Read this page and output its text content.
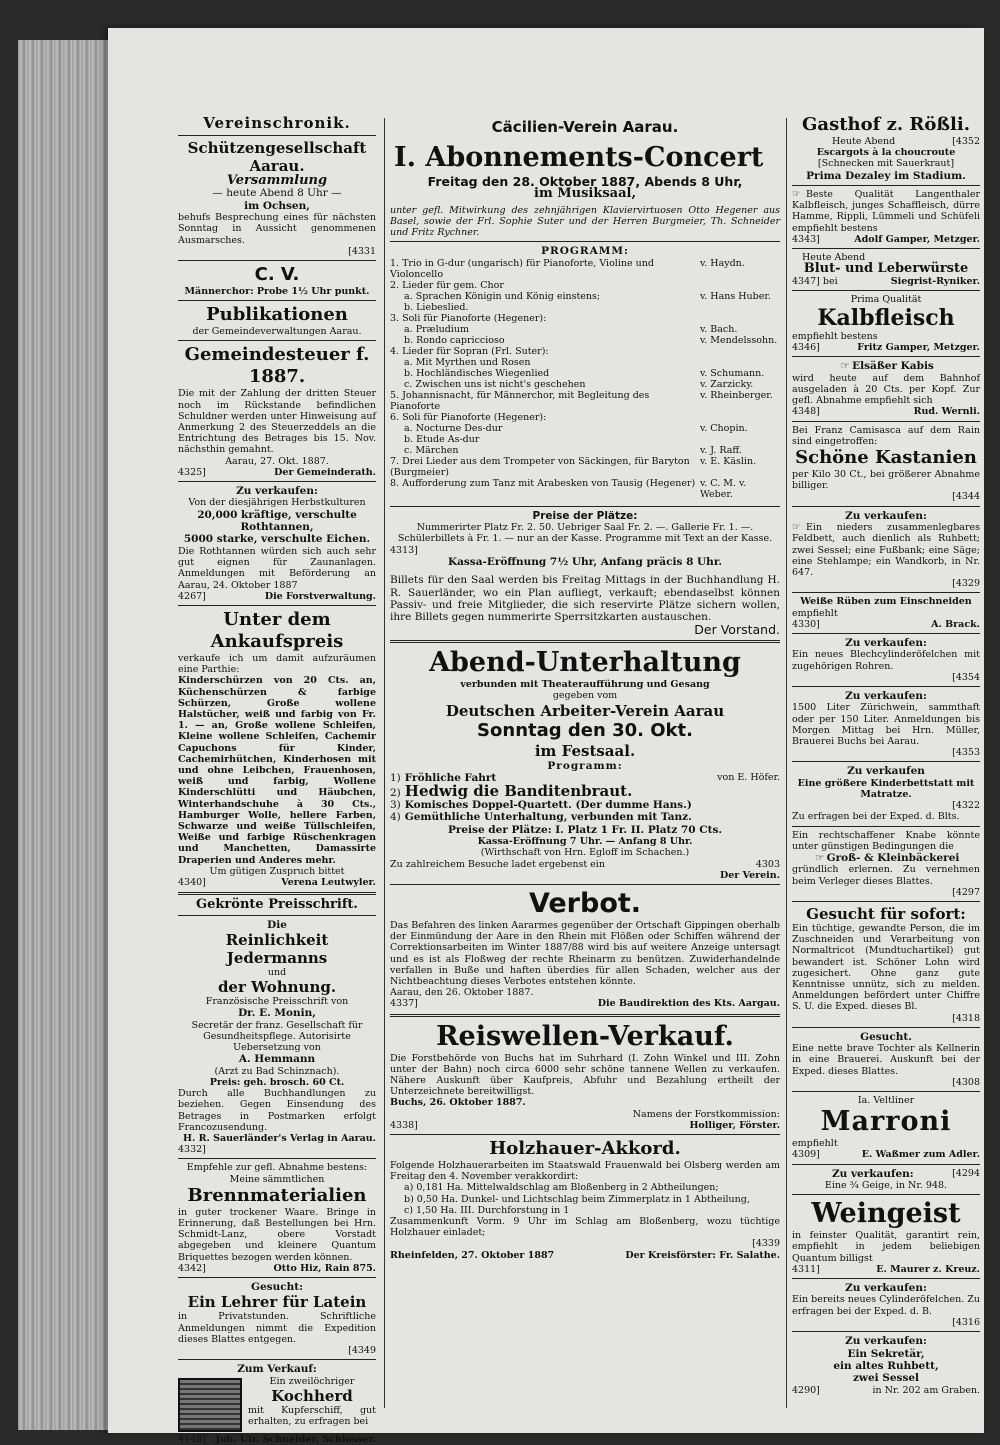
Vereinschronik.
Schützengesellschaft Aarau.
Versammlung
— heute Abend 8 Uhr —
im Ochsen,
behufs Besprechung eines für nächsten Sonntag in Aussicht genommenen Ausmarsches.
[4331
C. V.
Männerchor: Probe 1½ Uhr punkt.
Publikationen
der Gemeindeverwaltungen Aarau.
Gemeindesteuer f. 1887.
Die mit der Zahlung der dritten Steuer noch im Rückstande befindlichen Schuldner werden unter Hinweisung auf Anmerkung 2 des Steuerzeddels an die Entrichtung des Betrages bis 15. Nov. nächsthin gemahnt.
Aarau, 27. Okt. 1887.
4325]	Der Gemeinderath.
Zu verkaufen:
Von der diesjährigen Herbstkulturen
20,000 kräftige, verschulte Rothtannen,
5000 starke, verschulte Eichen.
Die Rothtannen würden sich auch sehr gut eignen für Zaunanlagen. Anmeldungen mit Beförderung an Aarau, 24. Oktober 1887
4267]	Die Forstverwaltung.
Unter dem Ankaufspreis
verkaufe ich um damit aufzuräumen eine Parthie:
Kinderschürzen von 20 Cts. an, Küchenschürzen & farbige Schürzen, Große wollene Halstücher, weiß und farbig von Fr. 1. — an, Große wollene Schleifen, Kleine wollene Schleifen, Cachemir Capuchons für Kinder, Cachemirhütchen, Kinderhosen mit und ohne Leibchen, Frauenhosen, weiß und farbig, Wollene Kinderschlütti und Häubchen, Winterhandschuhe à 30 Cts., Hamburger Wolle, hellere Farben, Schwarze und weiße Tüllschleifen, Weiße und farbige Rüschenkragen und Manchetten, Damassirte Draperien und Anderes mehr.
Um gütigen Zuspruch bittet
4340]	Verena Leutwyler.
Gekrönte Preisschrift.
Die
Reinlichkeit Jedermanns
und
der Wohnung.
Französische Preisschrift von
Dr. E. Monin,
Secretär der franz. Gesellschaft für Gesundheitspflege. Autorisirte Uebersetzung von
A. Hemmann
(Arzt zu Bad Schinznach).
Preis: geh. brosch. 60 Ct.
Durch alle Buchhandlungen zu beziehen. Gegen Einsendung des Betrages in Postmarken erfolgt Francozusendung.
H. R. Sauerländer's Verlag in Aarau.
4332]
Empfehle zur gefl. Abnahme bestens: Meine sämmtlichen
Brennmaterialien
in guter trockener Waare. Bringe in Erinnerung, daß Bestellungen bei Hrn. Schmidt-Lanz, obere Vorstadt abgegeben und kleinere Quantum Briquettes bezogen werden können.
4342]	Otto Hiz, Rain 875.
Gesucht:
Ein Lehrer für Latein
in Privatstunden. Schriftliche Anmeldungen nimmt die Expedition dieses Blattes entgegen.
[4349
Zum Verkauf:
Ein zweilöchriger
Kochherd
mit Kupferschiff, gut erhalten, zu erfragen bei
4148] Joh. Ulr. Schneider, Schlosser.
Cäcilien-Verein Aarau.
I. Abonnements-Concert
Freitag den 28. Oktober 1887, Abends 8 Uhr,
im Musiksaal,
unter gefl. Mitwirkung des zehnjährigen Klaviervirtuosen Otto Hegener aus Basel, sowie der Frl. Sophie Suter und der Herren Burgmeier, Th. Schneider und Fritz Rychner.
PROGRAMM:
1. Trio in G-dur (ungarisch) für Pianoforte, Violine und Violoncello	v. Haydn.
2. Lieder für gem. Chor	
a. Sprachen Königin und König einstens;	v. Hans Huber.
b. Liebeslied.	
3. Soli für Pianoforte (Hegener):	
a. Præludium	v. Bach.
b. Rondo capriccioso	v. Mendelssohn.
4. Lieder für Sopran (Frl. Suter):	
a. Mit Myrthen und Rosen	
b. Hochländisches Wiegenlied	v. Schumann.
c. Zwischen uns ist nicht's geschehen	v. Zarzicky.
5. Johannisnacht, für Männerchor, mit Begleitung des Pianoforte	v. Rheinberger.
6. Soli für Pianoforte (Hegener):	
a. Nocturne Des-dur	v. Chopin.
b. Etude As-dur	
c. Märchen	v. J. Raff.
7. Drei Lieder aus dem Trompeter von Säckingen, für Baryton (Burgmeier)	v. E. Käslin.
8. Aufforderung zum Tanz mit Arabesken von Tausig (Hegener)	v. C. M. v. Weber.
Preise der Plätze:
Nummerirter Platz Fr. 2. 50. Uebriger Saal Fr. 2. —. Gallerie Fr. 1. —. Schülerbillets à Fr. 1. — nur an der Kasse. Programme mit Text an der Kasse.
4313]
Kassa-Eröffnung 7½ Uhr, Anfang präcis 8 Uhr.
Billets für den Saal werden bis Freitag Mittags in der Buchhandlung H. R. Sauerländer, wo ein Plan aufliegt, verkauft; ebendaselbst können Passiv- und freie Mitglieder, die sich reservirte Plätze sichern wollen, ihre Billets gegen nummerirte Sperrsitzkarten austauschen.
Der Vorstand.
Abend-Unterhaltung
verbunden mit Theateraufführung und Gesang
gegeben vom
Deutschen Arbeiter-Verein Aarau
Sonntag den 30. Okt.
im Festsaal.
Programm:
1) Fröhliche Fahrt	von E. Höfer.
2) Hedwig die Banditenbraut.
3) Komisches Doppel-Quartett. (Der dumme Hans.)
4) Gemüthliche Unterhaltung, verbunden mit Tanz.
Preise der Plätze: I. Platz 1 Fr. II. Platz 70 Cts.
Kassa-Eröffnung 7 Uhr. — Anfang 8 Uhr.
(Wirthschaft von Hrn. Egloff im Schachen.)
Zu zahlreichem Besuche ladet ergebenst ein	4303
Der Verein.
Verbot.
Das Befahren des linken Aararmes gegenüber der Ortschaft Gippingen oberhalb der Einmündung der Aare in den Rhein mit Flößen oder Schiffen während der Correktionsarbeiten im Winter 1887/88 wird bis auf weitere Anzeige untersagt und es ist als Floßweg der rechte Rheinarm zu benützen. Zuwiderhandelnde verfallen in Buße und haften überdies für allen Schaden, welcher aus der Nichtbeachtung dieses Verbotes entstehen könnte.
Aarau, den 26. Oktober 1887.
4337]	Die Baudirektion des Kts. Aargau.
Reiswellen-Verkauf.
Die Forstbehörde von Buchs hat im Suhrhard (I. Zohn Winkel und III. Zohn unter der Bahn) noch circa 6000 sehr schöne tannene Wellen zu verkaufen. Nähere Auskunft über Kaufpreis, Abfuhr und Bezahlung ertheilt der Unterzeichnete bereitwilligst.
Buchs, 26. Oktober 1887.
Namens der Forstkommission:
4338]	Holliger, Förster.
Holzhauer-Akkord.
Folgende Holzhauerarbeiten im Staatswald Frauenwald bei Olsberg werden am Freitag den 4. November verakkordirt:
a) 0,181 Ha. Mittelwaldschlag am Bloßenberg in 2 Abtheilungen;
b) 0,50 Ha. Dunkel- und Lichtschlag beim Zimmerplatz in 1 Abtheilung,
c) 1,50 Ha. III. Durchforstung in 1
Zusammenkunft Vorm. 9 Uhr im Schlag am Bloßenberg, wozu tüchtige Holzhauer einladet;
[4339
Rheinfelden, 27. Oktober 1887	Der Kreisförster: Fr. Salathe.
Gasthof z. Rößli.
Heute Abend	[4352
Escargots à la choucroute
[Schnecken mit Sauerkraut]
Prima Dezaley im Stadium.
☞ Beste Qualität Langenthaler Kalbfleisch, junges Schaffleisch, dürre Hamme, Rippli, Lümmeli und Schüfeli empfiehlt bestens
4343]	Adolf Gamper, Metzger.
Heute Abend
Blut- und Leberwürste
4347] bei	Siegrist-Ryniker.
Prima Qualität
Kalbfleisch
empfiehlt bestens
4346]	Fritz Gamper, Metzger.
☞ Elsäßer Kabis
wird heute auf dem Bahnhof ausgeladen à 20 Cts. per Kopf. Zur gefl. Abnahme empfiehlt sich
4348]	Rud. Wernli.
Bei Franz Camisasca auf dem Rain sind eingetroffen:
Schöne Kastanien
per Kilo 30 Ct., bei größerer Abnahme billiger.
[4344
Zu verkaufen:
☞ Ein nieders zusammenlegbares Feldbett, auch dienlich als Ruhbett; zwei Sessel; eine Fußbank; eine Säge; eine Stehlampe; ein Wandkorb, in Nr. 647.
[4329
Weiße Rüben zum Einschneiden
empfiehlt
4330]	A. Brack.
Zu verkaufen:
Ein neues Blechcylinderöfelchen mit zugehörigen Rohren.
[4354
Zu verkaufen:
1500 Liter Zürichwein, sammthaft oder per 150 Liter. Anmeldungen bis Morgen Mittag bei Hrn. Müller, Brauerei Buchs bei Aarau.
[4353
Zu verkaufen
Eine größere Kinderbettstatt mit Matratze.
[4322
Zu erfragen bei der Exped. d. Blts.
Ein rechtschaffener Knabe könnte unter günstigen Bedingungen die
☞ Groß- & Kleinbäckerei
gründlich erlernen. Zu vernehmen beim Verleger dieses Blattes.
[4297
Gesucht für sofort:
Ein tüchtige, gewandte Person, die im Zuschneiden und Verarbeitung von Normaltricot (Mundtuchartikel) gut bewandert ist. Schöner Lohn wird zugesichert. Ohne ganz gute Kenntnisse unnütz, sich zu melden. Anmeldungen befördert unter Chiffre S. U. die Exped. dieses Bl.
[4318
Gesucht.
Eine nette brave Tochter als Kellnerin in eine Brauerei. Auskunft bei der Exped. dieses Blattes.
[4308
Ia. Veltliner
Marroni
empfiehlt
4309]	E. Waßmer zum Adler.
Zu verkaufen:	[4294
Eine ¾ Geige, in Nr. 948.
Weingeist
in feinster Qualität, garantirt rein, empfiehlt in jedem beliebigen Quantum billigst
4311]	E. Maurer z. Kreuz.
Zu verkaufen:
Ein bereits neues Cylinderöfelchen. Zu erfragen bei der Exped. d. B.
[4316
Zu verkaufen:
Ein Sekretär,
ein altes Ruhbett,
zwei Sessel
4290]	in Nr. 202 am Graben.
